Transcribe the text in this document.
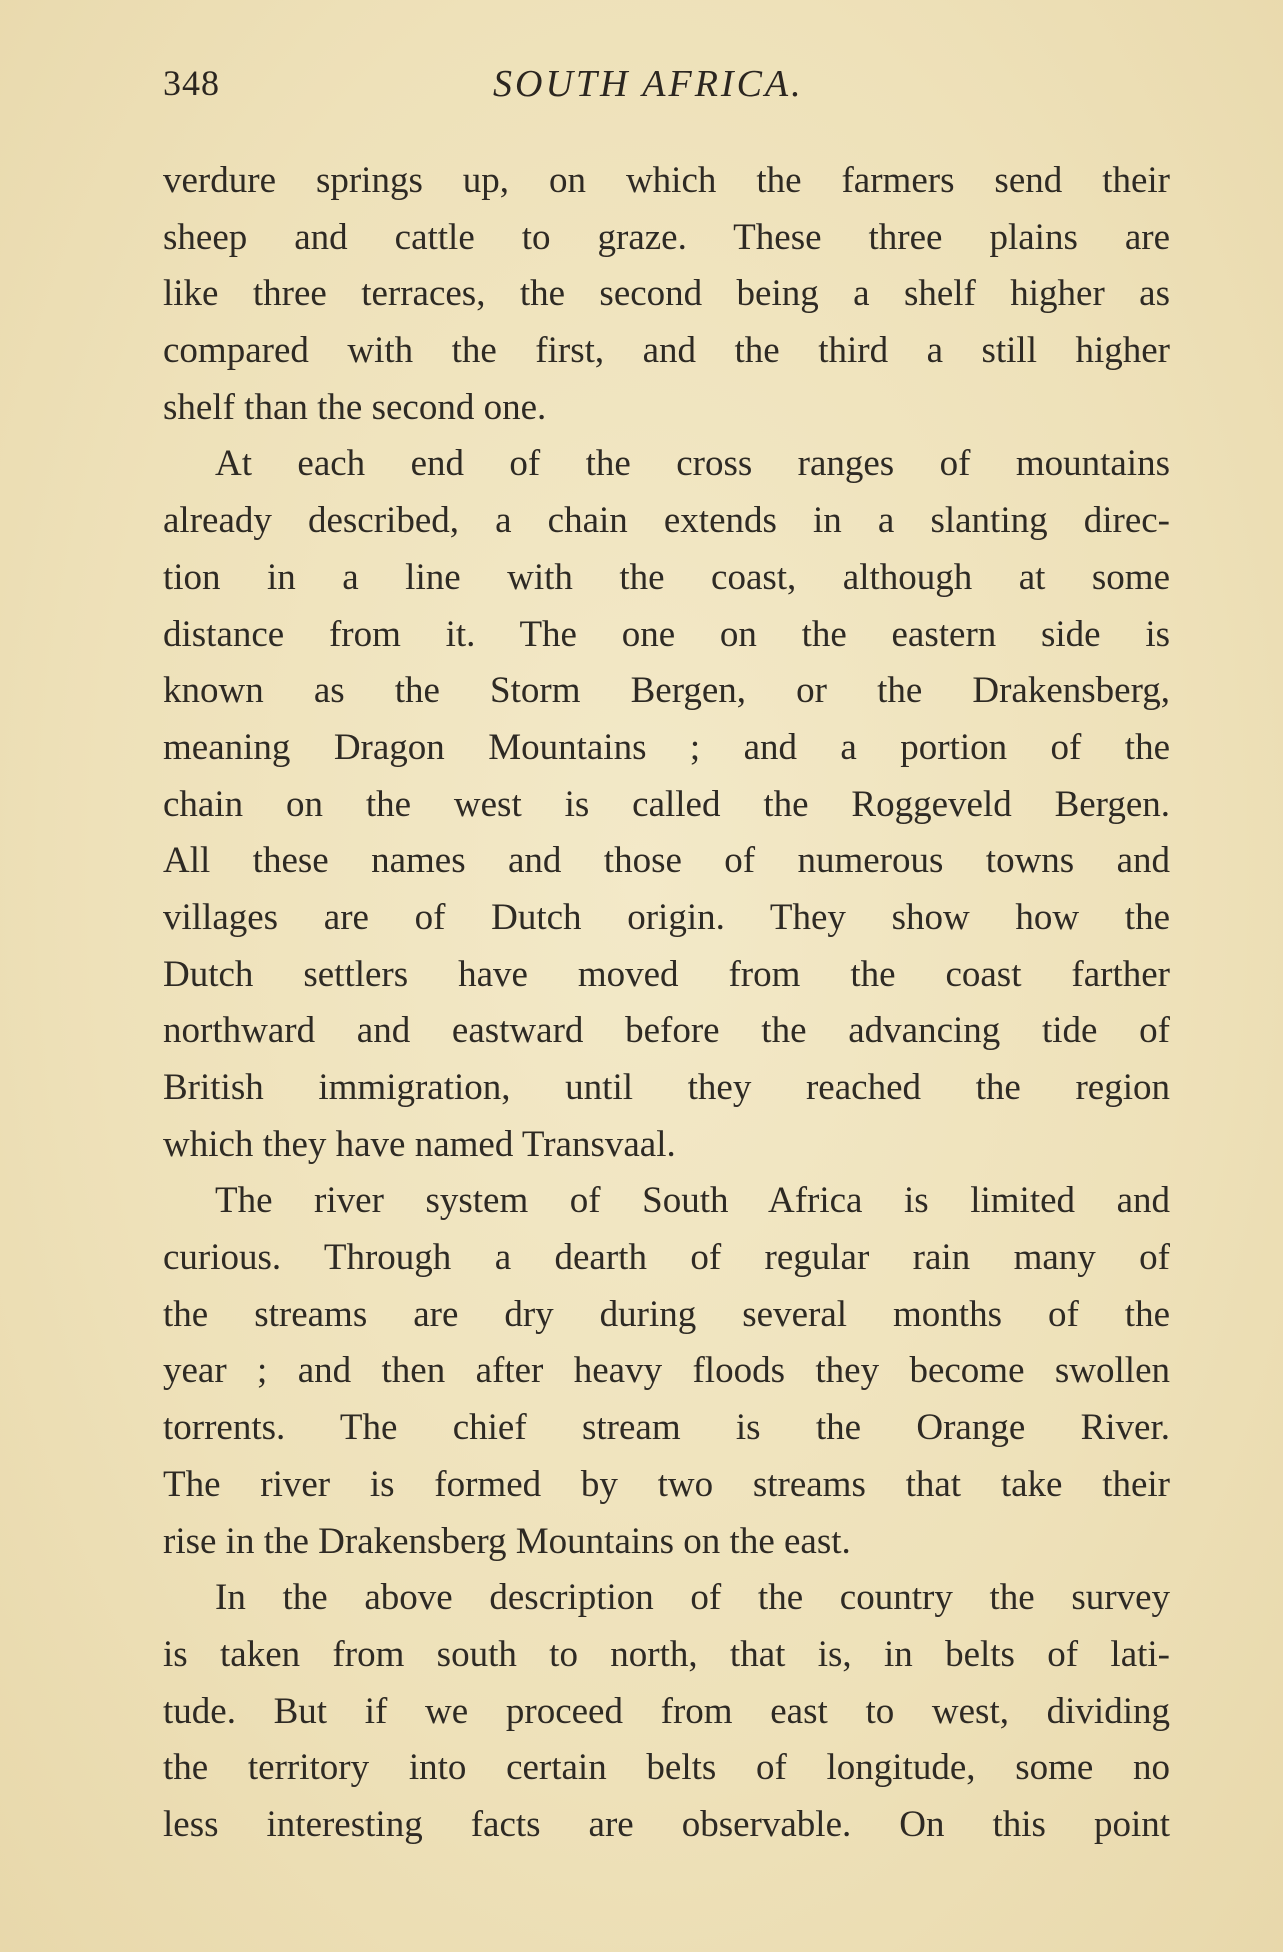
348	SOUTH AFRICA.
verdure springs up, on which the farmers send their
sheep and cattle to graze. These three plains are
like three terraces, the second being a shelf higher as
compared with the first, and the third a still higher
shelf than the second one.
At each end of the cross ranges of mountains
already described, a chain extends in a slanting direc-
tion in a line with the coast, although at some
distance from it. The one on the eastern side is
known as the Storm Bergen, or the Drakensberg,
meaning Dragon Mountains ; and a portion of the
chain on the west is called the Roggeveld Bergen.
All these names and those of numerous towns and
villages are of Dutch origin. They show how the
Dutch settlers have moved from the coast farther
northward and eastward before the advancing tide of
British immigration, until they reached the region
which they have named Transvaal.
The river system of South Africa is limited and
curious. Through a dearth of regular rain many of
the streams are dry during several months of the
year ; and then after heavy floods they become swollen
torrents. The chief stream is the Orange River.
The river is formed by two streams that take their
rise in the Drakensberg Mountains on the east.
In the above description of the country the survey
is taken from south to north, that is, in belts of lati-
tude. But if we proceed from east to west, dividing
the territory into certain belts of longitude, some no
less interesting facts are observable. On this point
